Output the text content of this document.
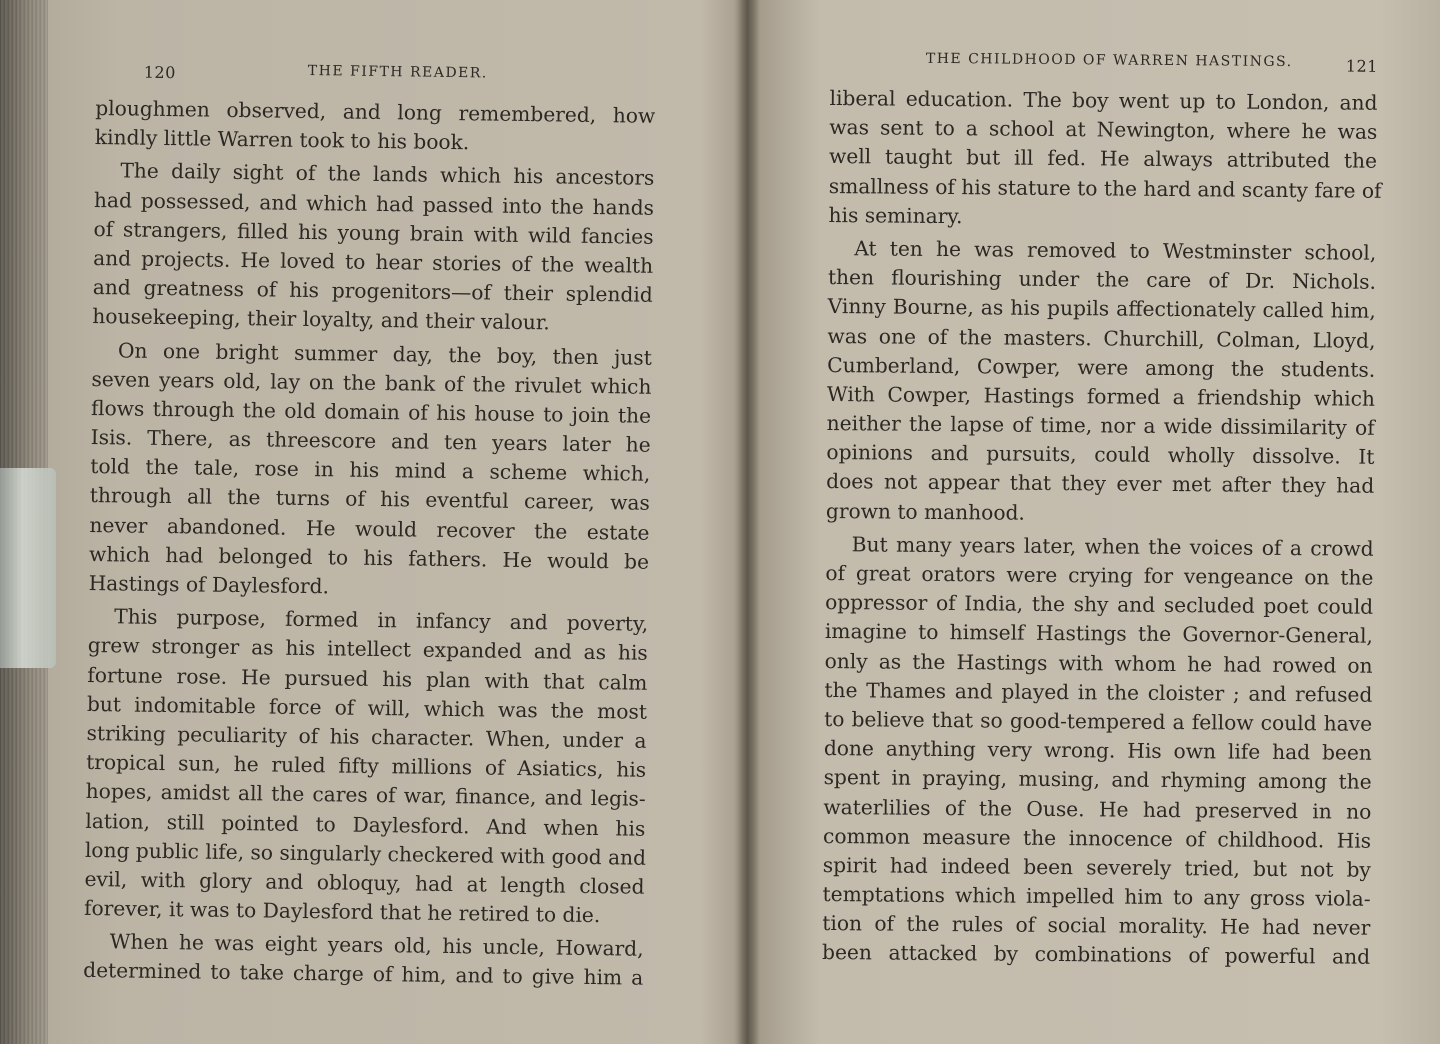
120	THE FIFTH READER.
ploughmen observed, and long remembered, how
kindly little Warren took to his book.
The daily sight of the lands which his ancestors
had possessed, and which had passed into the hands
of strangers, filled his young brain with wild fancies
and projects. He loved to hear stories of the wealth
and greatness of his progenitors—of their splendid
housekeeping, their loyalty, and their valour.
On one bright summer day, the boy, then just
seven years old, lay on the bank of the rivulet which
flows through the old domain of his house to join the
Isis. There, as threescore and ten years later he
told the tale, rose in his mind a scheme which,
through all the turns of his eventful career, was
never abandoned. He would recover the estate
which had belonged to his fathers. He would be
Hastings of Daylesford.
This purpose, formed in infancy and poverty,
grew stronger as his intellect expanded and as his
fortune rose. He pursued his plan with that calm
but indomitable force of will, which was the most
striking peculiarity of his character. When, under a
tropical sun, he ruled fifty millions of Asiatics, his
hopes, amidst all the cares of war, finance, and legis-
lation, still pointed to Daylesford. And when his
long public life, so singularly checkered with good and
evil, with glory and obloquy, had at length closed
forever, it was to Daylesford that he retired to die.
When he was eight years old, his uncle, Howard,
determined to take charge of him, and to give him a
THE CHILDHOOD OF WARREN HASTINGS.	121
liberal education. The boy went up to London, and
was sent to a school at Newington, where he was
well taught but ill fed. He always attributed the
smallness of his stature to the hard and scanty fare of
his seminary.
At ten he was removed to Westminster school,
then flourishing under the care of Dr. Nichols.
Vinny Bourne, as his pupils affectionately called him,
was one of the masters. Churchill, Colman, Lloyd,
Cumberland, Cowper, were among the students.
With Cowper, Hastings formed a friendship which
neither the lapse of time, nor a wide dissimilarity of
opinions and pursuits, could wholly dissolve. It
does not appear that they ever met after they had
grown to manhood.
But many years later, when the voices of a crowd
of great orators were crying for vengeance on the
oppressor of India, the shy and secluded poet could
imagine to himself Hastings the Governor-General,
only as the Hastings with whom he had rowed on
the Thames and played in the cloister ; and refused
to believe that so good-tempered a fellow could have
done anything very wrong. His own life had been
spent in praying, musing, and rhyming among the
waterlilies of the Ouse. He had preserved in no
common measure the innocence of childhood. His
spirit had indeed been severely tried, but not by
temptations which impelled him to any gross viola-
tion of the rules of social morality. He had never
been attacked by combinations of powerful and
